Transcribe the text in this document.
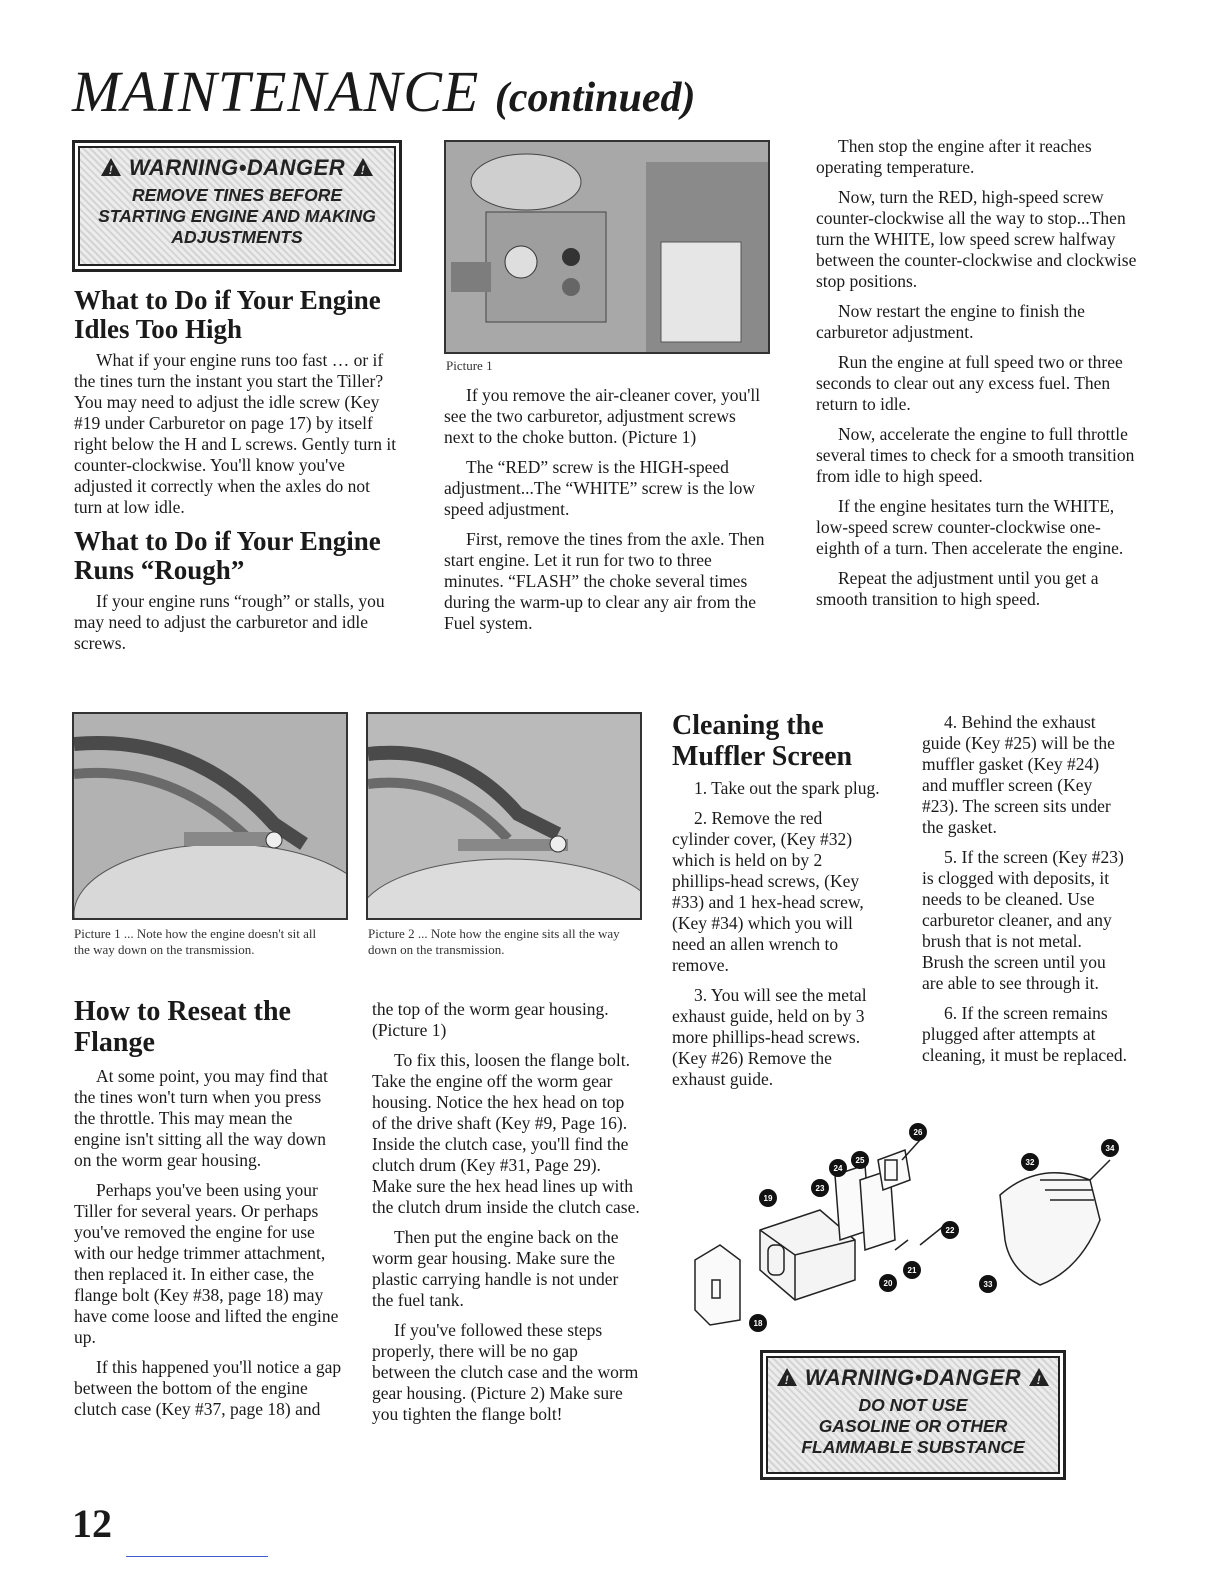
MAINTENANCE (continued)
! WARNING•DANGER !
REMOVE TINES BEFORE
STARTING ENGINE AND MAKING
ADJUSTMENTS
What to Do if Your Engine Idles Too High

What if your engine runs too fast … or if the tines turn the instant you start the Tiller? You may need to adjust the idle screw (Key #19 under Carburetor on page 17) by itself right below the H and L screws. Gently turn it counter-clockwise. You'll know you've adjusted it correctly when the axles do not turn at low idle.

What to Do if Your Engine Runs “Rough”

If your engine runs “rough” or stalls, you may need to adjust the carburetor and idle screws.

Picture 1

If you remove the air-cleaner cover, you'll see the two carburetor, adjustment screws next to the choke button. (Picture 1)

The “RED” screw is the HIGH-speed adjustment...The “WHITE” screw is the low speed adjustment.

First, remove the tines from the axle. Then start engine. Let it run for two to three minutes. “FLASH” the choke several times during the warm-up to clear any air from the Fuel system.

Then stop the engine after it reaches operating temperature.

Now, turn the RED, high-speed screw counter-clockwise all the way to stop...Then turn the WHITE, low speed screw halfway between the counter-clockwise and clockwise stop positions.

Now restart the engine to finish the carburetor adjustment.

Run the engine at full speed two or three seconds to clear out any excess fuel. Then return to idle.

Now, accelerate the engine to full throttle several times to check for a smooth transition from idle to high speed.

If the engine hesitates turn the WHITE, low-speed screw counter-clockwise one-eighth of a turn. Then accelerate the engine.

Repeat the adjustment until you get a smooth transition to high speed.

Picture 1 ... Note how the engine doesn't sit all the way down on the transmission.
Picture 2 ... Note how the engine sits all the way down on the transmission.
How to Reseat the Flange

At some point, you may find that the tines won't turn when you press the throttle. This may mean the engine isn't sitting all the way down on the worm gear housing.

Perhaps you've been using your Tiller for several years. Or perhaps you've removed the engine for use with our hedge trimmer attachment, then replaced it. In either case, the flange bolt (Key #38, page 18) may have come loose and lifted the engine up.

If this happened you'll notice a gap between the bottom of the engine clutch case (Key #37, page 18) and

the top of the worm gear housing. (Picture 1)

To fix this, loosen the flange bolt. Take the engine off the worm gear housing. Notice the hex head on top of the drive shaft (Key #9, Page 16). Inside the clutch case, you'll find the clutch drum (Key #31, Page 29). Make sure the hex head lines up with the clutch drum inside the clutch case.

Then put the engine back on the worm gear housing. Make sure the plastic carrying handle is not under the fuel tank.

If you've followed these steps properly, there will be no gap between the clutch case and the worm gear housing. (Picture 2) Make sure you tighten the flange bolt!

Cleaning the Muffler Screen

1. Take out the spark plug.

2. Remove the red cylinder cover, (Key #32) which is held on by 2 phillips-head screws, (Key #33) and 1 hex-head screw, (Key #34) which you will need an allen wrench to remove.

3. You will see the metal exhaust guide, held on by 3 more phillips-head screws. (Key #26) Remove the exhaust guide.

4. Behind the exhaust guide (Key #25) will be the muffler gasket (Key #24) and muffler screen (Key #23). The screen sits under the gasket.

5. If the screen (Key #23) is clogged with deposits, it needs to be cleaned. Use carburetor cleaner, and any brush that is not metal. Brush the screen until you are able to see through it.

6. If the screen remains plugged after attempts at cleaning, it must be replaced.

26
24
25
19
23
22
21
20
18
32
34
33
! WARNING•DANGER !
DO NOT USE
GASOLINE OR OTHER
FLAMMABLE SUBSTANCE
12
